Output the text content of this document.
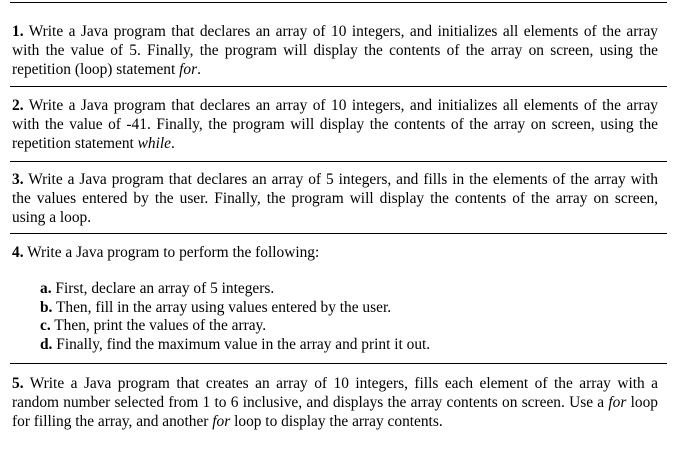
1. Write a Java program that declares an array of 10 integers, and initializes all elements of the array with the value of 5. Finally, the program will display the contents of the array on screen, using the repetition (loop) statement for.

2. Write a Java program that declares an array of 10 integers, and initializes all elements of the array with the value of -41. Finally, the program will display the contents of the array on screen, using the repetition statement while.

3. Write a Java program that declares an array of 5 integers, and fills in the elements of the array with the values entered by the user. Finally, the program will display the contents of the array on screen, using a loop.

4. Write a Java program to perform the following:

a. First, declare an array of 5 integers.
b. Then, fill in the array using values entered by the user.
c. Then, print the values of the array.
d. Finally, find the maximum value in the array and print it out.

5. Write a Java program that creates an array of 10 integers, fills each element of the array with a random number selected from 1 to 6 inclusive, and displays the array contents on screen. Use a for loop for filling the array, and another for loop to display the array contents.
